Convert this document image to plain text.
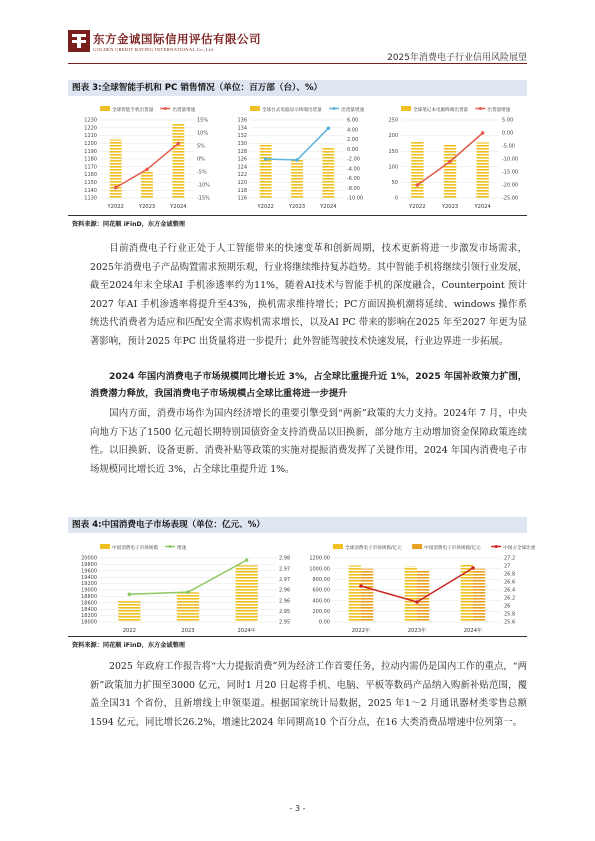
东方金诚国际信用评估有限公司
GOLDEN CREDIT RATING INTERNATIONAL Co.,Ltd.
2025年消费电子行业信用风险展望
图表 3:全球智能手机和 PC 销售情况（单位：百万部（台）、%）
全球智能手机出货量	出货量增速
1230
1220
1210
1200
1190
1180
1170
1160
1150
1140
1130
15%
10%
5%
0%
-5%
-10%
-15%
Y2022	Y2023	Y2024
全球台式电脑显示终端出货量	出货量增速
136
134
132
130
128
126
124
122
120
118
116
6.00
4.00
2.00
0.00
-2.00
-4.00
-6.00
-8.00
-10.00
Y2022	Y2023	Y2024
全球笔记本电脑终端出货量	出货量增速
250
200
150
100
50
0
5.00
0.00
-5.00
-10.00
-15.00
-20.00
-25.00
Y2022	Y2023	Y2024
资料来源：同花顺 iFinD，东方金诚整理
目前消费电子行业正处于人工智能带来的快速变革和创新周期，技术更新将进一步激发市场需求，2025年消费电子产品购置需求预期乐观，行业将继续维持复苏趋势。其中智能手机将继续引领行业发展，截至2024年末全球AI 手机渗透率约为11%，随着AI技术与智能手机的深度融合，Counterpoint 预计2027 年AI 手机渗透率将提升至43%，换机需求维持增长；PC方面因换机潮将延续、windows 操作系统迭代消费者为适应和匹配安全需求购机需求增长，以及AI PC 带来的影响在2025 年至2027 年更为显著影响，预计2025 年PC 出货量将进一步提升；此外智能驾驶技术快速发展，行业边界进一步拓展。
2024 年国内消费电子市场规模同比增长近 3%，占全球比重提升近 1%，2025 年国补政策力扩围，消费潜力释放，我国消费电子市场规模占全球比重将进一步提升
国内方面，消费市场作为国内经济增长的重要引擎受到“两新”政策的大力支持。2024年 7 月，中央向地方下达了1500 亿元超长期特别国债资金支持消费品以旧换新，部分地方主动增加资金保障政策连续性。以旧换新、设备更新、消费补贴等政策的实施对提振消费发挥了关键作用，2024 年国内消费电子市场规模同比增长近 3%，占全球比重提升近 1%。
图表 4:中国消费电子市场表现（单位：亿元、%）
中国消费电子市场规模	增速
20000
19800
19600
19400
19200
19000
18800
18600
18400
18200
18000
2.98
2.97
2.97
2.96
2.96
2.95
2.95
2022	2023	2024年
全球消费电子市场规模/亿元	中国消费电子市场规模/亿元	中国占全球比重
1200.00
1000.00
800.00
600.00
400.00
200.00
0.00
27.2
27
26.8
26.6
26.4
26.2
26
25.8
25.6
2022年	2023年	2024年
资料来源：同花顺 iFinD，东方金诚整理
2025 年政府工作报告将“大力提振消费”列为经济工作首要任务，拉动内需仍是国内工作的重点，“两新”政策加力扩围至3000 亿元，同时1 月20 日起将手机、电脑、平板等数码产品纳入购新补贴范围，覆盖全国31 个省份，且新增线上申领渠道。根据国家统计局数据，2025 年1～2 月通讯器材类零售总额1594 亿元，同比增长26.2%，增速比2024 年同期高10 个百分点，在16 大类消费品增速中位列第一。
- 3 -
